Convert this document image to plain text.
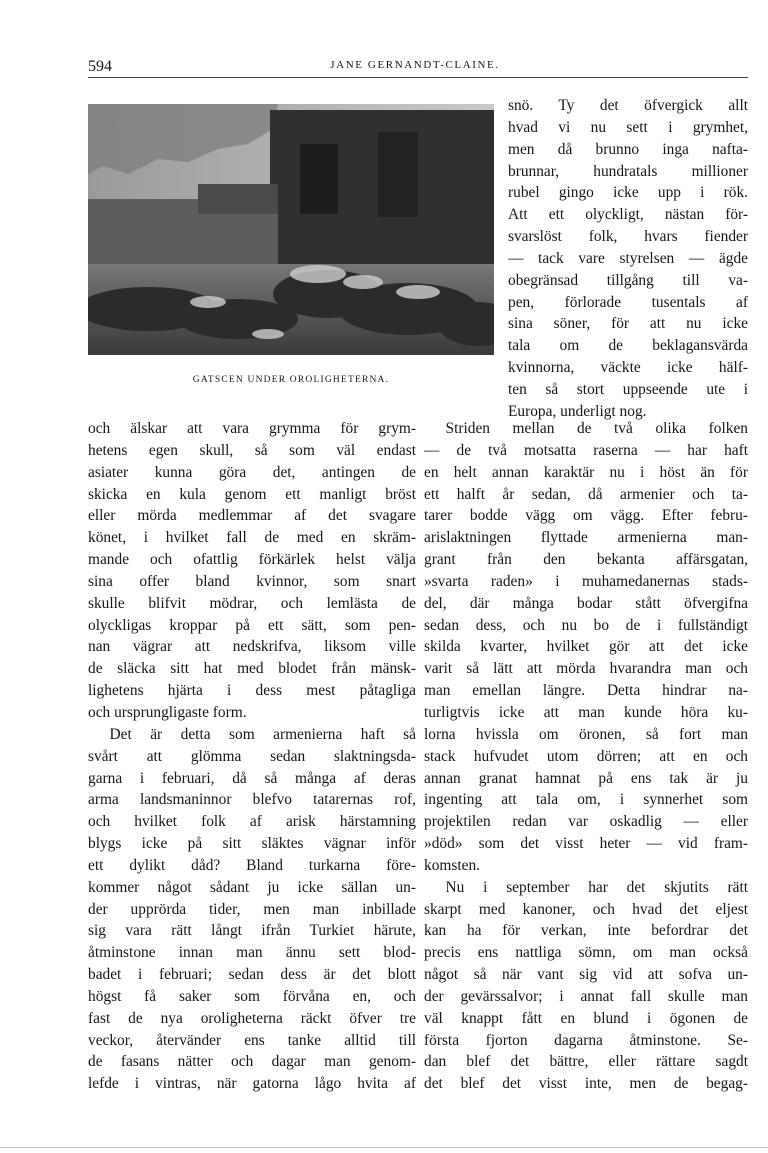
594	JANE GERNANDT-CLAINE.
GATSCEN UNDER OROLIGHETERNA.
snö. Ty det öfvergick allt
hvad vi nu sett i grymhet,
men då brunno inga nafta-
brunnar, hundratals millioner
rubel gingo icke upp i rök.
Att ett olyckligt, nästan för-
svarslöst folk, hvars fiender
— tack vare styrelsen — ägde
obegränsad tillgång till va-
pen, förlorade tusentals af
sina söner, för att nu icke
tala om de beklagansvärda
kvinnorna, väckte icke hälf-
ten så stort uppseende ute i
Europa, underligt nog.
och älskar att vara grymma för grym-
hetens egen skull, så som väl endast
asiater kunna göra det, antingen de
skicka en kula genom ett manligt bröst
eller mörda medlemmar af det svagare
könet, i hvilket fall de med en skräm-
mande och ofattlig förkärlek helst välja
sina offer bland kvinnor, som snart
skulle blifvit mödrar, och lemlästa de
olyckligas kroppar på ett sätt, som pen-
nan vägrar att nedskrifva, liksom ville
de släcka sitt hat med blodet från mänsk-
lighetens hjärta i dess mest påtagliga
och ursprungligaste form.
Det är detta som armenierna haft så
svårt att glömma sedan slaktningsda-
garna i februari, då så många af deras
arma landsmaninnor blefvo tatarernas rof,
och hvilket folk af arisk härstamning
blygs icke på sitt släktes vägnar inför
ett dylikt dåd? Bland turkarna före-
kommer något sådant ju icke sällan un-
der upprörda tider, men man inbillade
sig vara rätt långt ifrån Turkiet härute,
åtminstone innan man ännu sett blod-
badet i februari; sedan dess är det blott
högst få saker som förvåna en, och
fast de nya oroligheterna räckt öfver tre
veckor, återvänder ens tanke alltid till
de fasans nätter och dagar man genom-
lefde i vintras, när gatorna lågo hvita af
Striden mellan de två olika folken
— de två motsatta raserna — har haft
en helt annan karaktär nu i höst än för
ett halft år sedan, då armenier och ta-
tarer bodde vägg om vägg. Efter febru-
arislaktningen flyttade armenierna man-
grant från den bekanta affärsgatan,
»svarta raden» i muhamedanernas stads-
del, där många bodar stått öfvergifna
sedan dess, och nu bo de i fullständigt
skilda kvarter, hvilket gör att det icke
varit så lätt att mörda hvarandra man och
man emellan längre. Detta hindrar na-
turligtvis icke att man kunde höra ku-
lorna hvissla om öronen, så fort man
stack hufvudet utom dörren; att en och
annan granat hamnat på ens tak är ju
ingenting att tala om, i synnerhet som
projektilen redan var oskadlig — eller
»död» som det visst heter — vid fram-
komsten.
Nu i september har det skjutits rätt
skarpt med kanoner, och hvad det eljest
kan ha för verkan, inte befordrar det
precis ens nattliga sömn, om man också
något så när vant sig vid att sofva un-
der gevärssalvor; i annat fall skulle man
väl knappt fått en blund i ögonen de
första fjorton dagarna åtminstone. Se-
dan blef det bättre, eller rättare sagdt
det blef det visst inte, men de begag-
